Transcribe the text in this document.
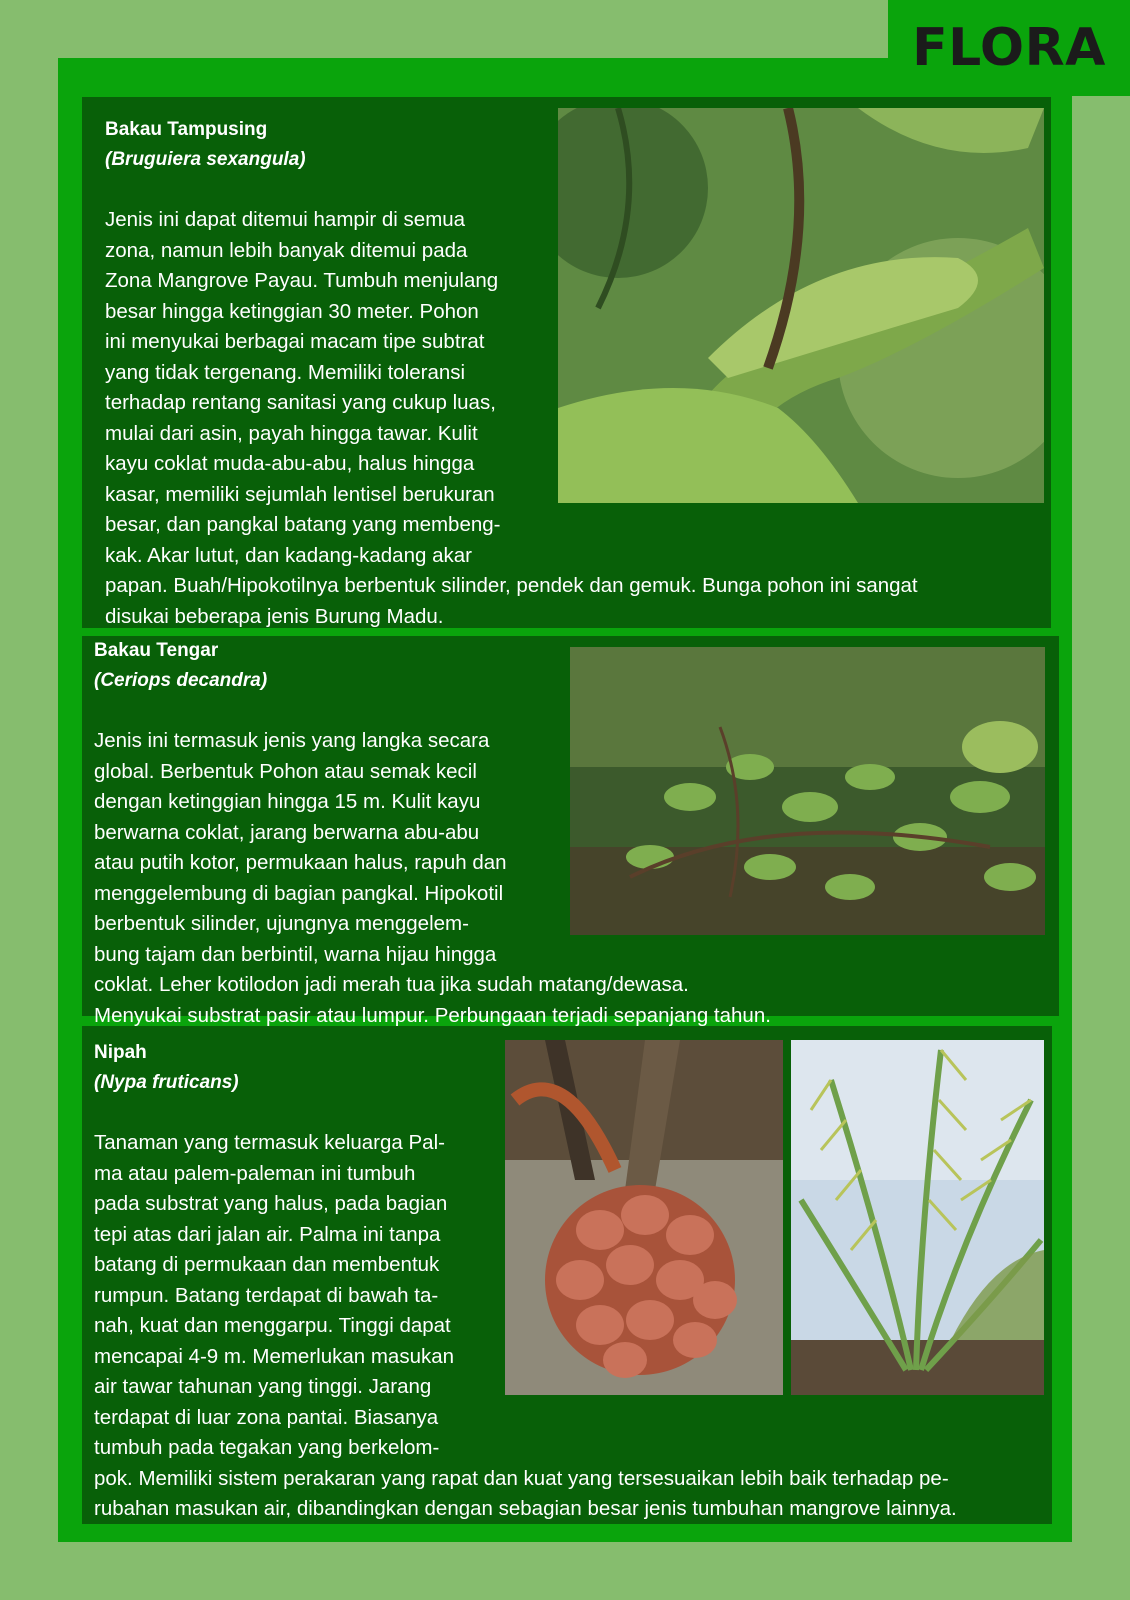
FLORA
Bakau Tampusing
(Bruguiera sexangula)

Jenis ini dapat ditemui hampir di semua
zona, namun lebih banyak ditemui pada
Zona Mangrove Payau. Tumbuh menjulang
besar hingga ketinggian 30 meter. Pohon
ini menyukai berbagai macam tipe subtrat
yang tidak tergenang. Memiliki toleransi
terhadap rentang sanitasi yang cukup luas,
mulai dari asin, payah hingga tawar. Kulit
kayu coklat muda-abu-abu, halus hingga
kasar, memiliki sejumlah lentisel berukuran
besar, dan pangkal batang yang membeng-
kak. Akar lutut, dan kadang-kadang akar

papan. Buah/Hipokotilnya berbentuk silinder, pendek dan gemuk. Bunga pohon ini sangat
disukai beberapa jenis Burung Madu.

Bakau Tengar
(Ceriops decandra)

Jenis ini termasuk jenis yang langka secara
global. Berbentuk Pohon atau semak kecil
dengan ketinggian hingga 15 m. Kulit kayu
berwarna coklat, jarang berwarna abu-abu
atau putih kotor, permukaan halus, rapuh dan
menggelembung di bagian pangkal. Hipokotil
berbentuk silinder, ujungnya menggelem-
bung tajam dan berbintil, warna hijau hingga

coklat. Leher kotilodon jadi merah tua jika sudah matang/dewasa.
Menyukai substrat pasir atau lumpur. Perbungaan terjadi sepanjang tahun.

Nipah
(Nypa fruticans)

Tanaman yang termasuk keluarga Pal-
ma atau palem-paleman ini tumbuh
pada substrat yang halus, pada bagian
tepi atas dari jalan air. Palma ini tanpa
batang di permukaan dan membentuk
rumpun. Batang terdapat di bawah ta-
nah, kuat dan menggarpu. Tinggi dapat
mencapai 4-9 m. Memerlukan masukan
air tawar tahunan yang tinggi. Jarang
terdapat di luar zona pantai. Biasanya
tumbuh pada tegakan yang berkelom-

pok. Memiliki sistem perakaran yang rapat dan kuat yang tersesuaikan lebih baik terhadap pe-
rubahan masukan air, dibandingkan dengan sebagian besar jenis tumbuhan mangrove lainnya.
